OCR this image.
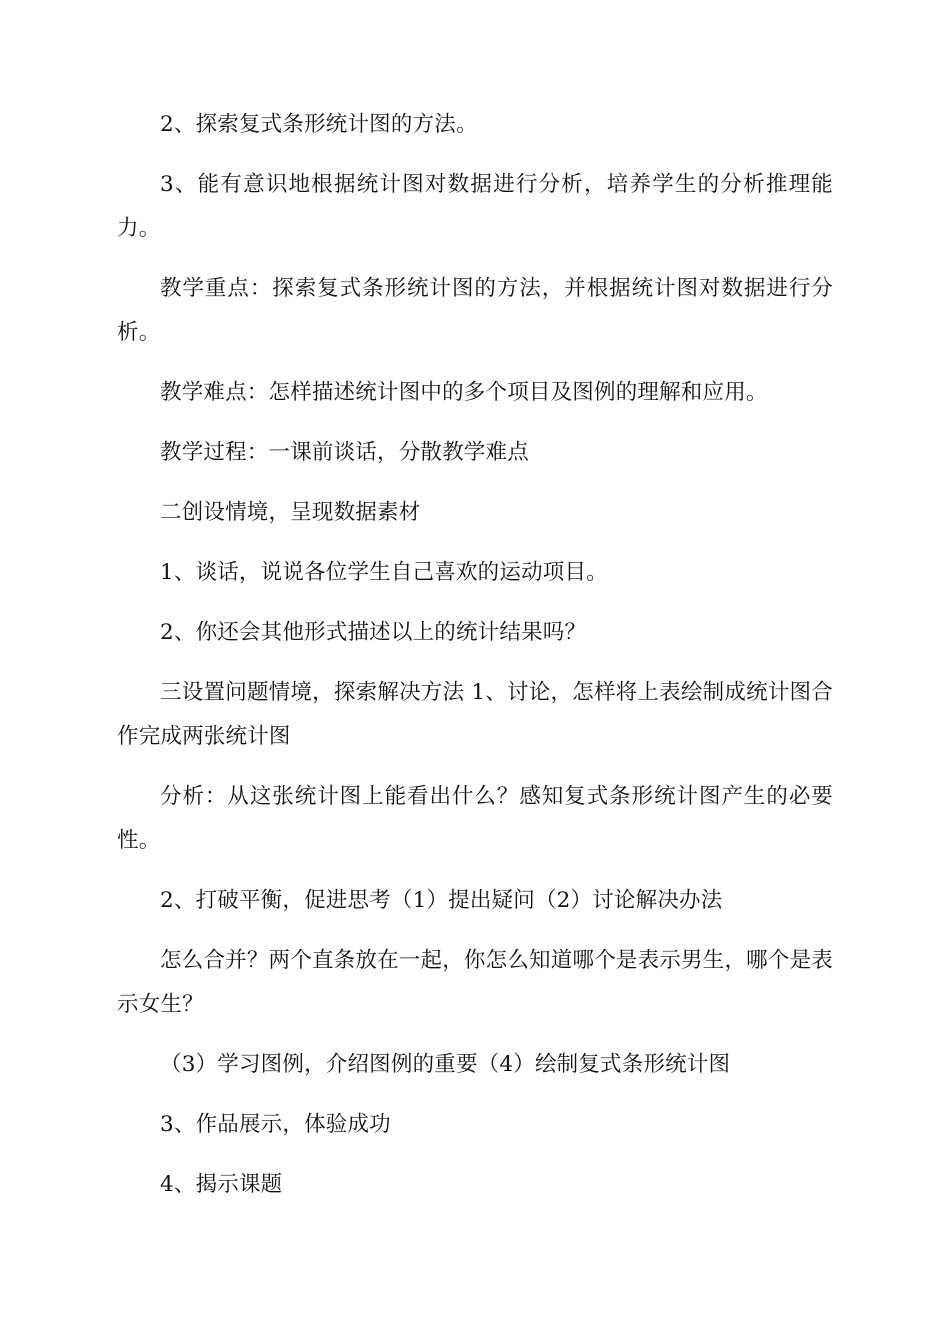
2、探索复式条形统计图的方法。

3、能有意识地根据统计图对数据进行分析，培养学生的分析推理能力。

教学重点：探索复式条形统计图的方法，并根据统计图对数据进行分析。

教学难点：怎样描述统计图中的多个项目及图例的理解和应用。

教学过程：一课前谈话，分散教学难点

二创设情境，呈现数据素材

1、谈话，说说各位学生自己喜欢的运动项目。

2、你还会其他形式描述以上的统计结果吗？

三设置问题情境，探索解决方法 1、讨论，怎样将上表绘制成统计图合作完成两张统计图

分析：从这张统计图上能看出什么？感知复式条形统计图产生的必要性。

2、打破平衡，促进思考（1）提出疑问（2）讨论解决办法

怎么合并？两个直条放在一起，你怎么知道哪个是表示男生，哪个是表示女生？

（3）学习图例，介绍图例的重要（4）绘制复式条形统计图

3、作品展示，体验成功

4、揭示课题
